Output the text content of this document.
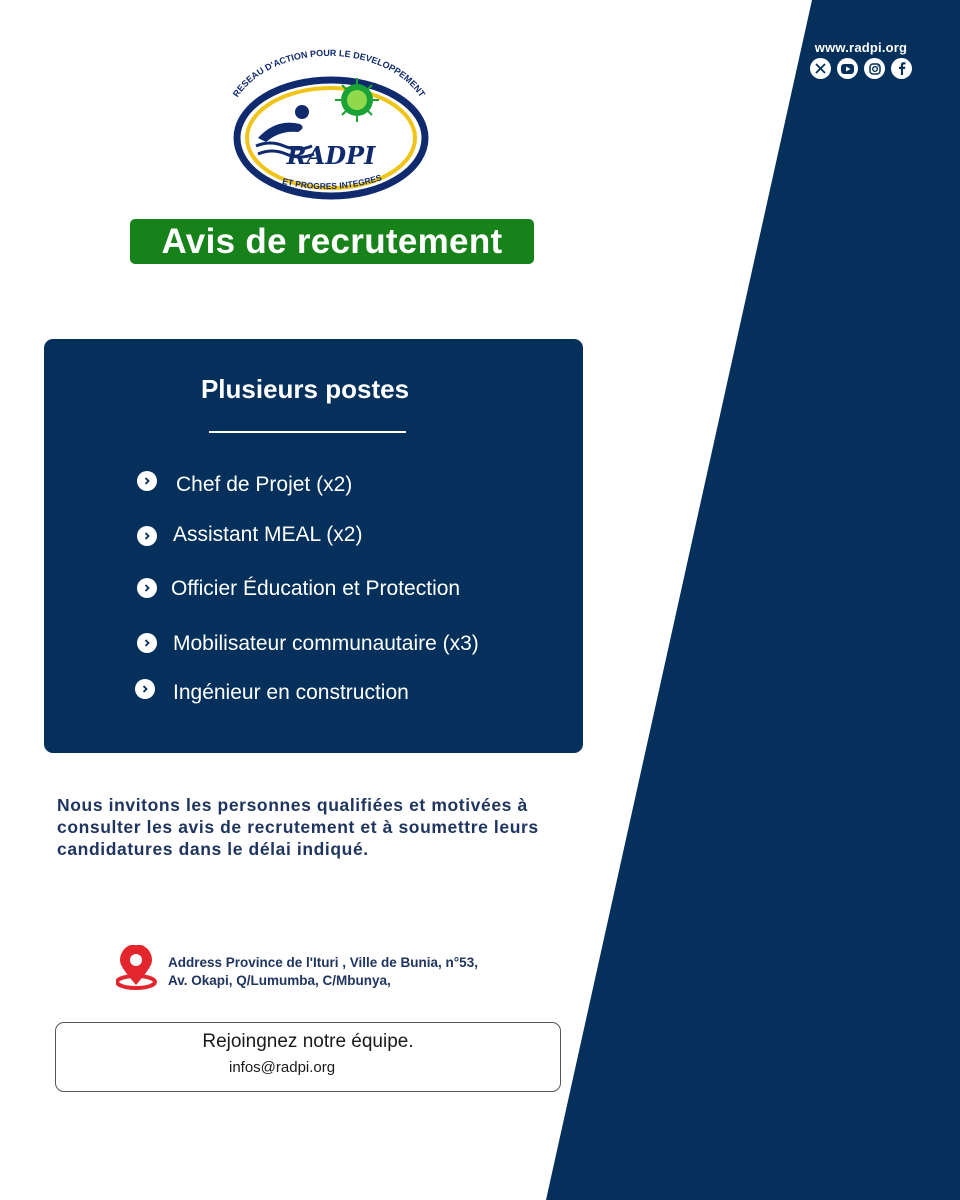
www.radpi.org
RADPI
RESEAU D'ACTION POUR LE DEVELOPPEMENT
ET PROGRES INTEGRES
Avis de recrutement
Plusieurs postes
Chef de Projet (x2)
Assistant MEAL (x2)
Officier Éducation et Protection
Mobilisateur communautaire (x3)
Ingénieur en construction
Nous invitons les personnes qualifiées et motivées à consulter les avis de recrutement et à soumettre leurs candidatures dans le délai indiqué.
Address Province de l'Ituri , Ville de Bunia, n°53,
Av. Okapi, Q/Lumumba, C/Mbunya,
Rejoingnez notre équipe.
infos@radpi.org
